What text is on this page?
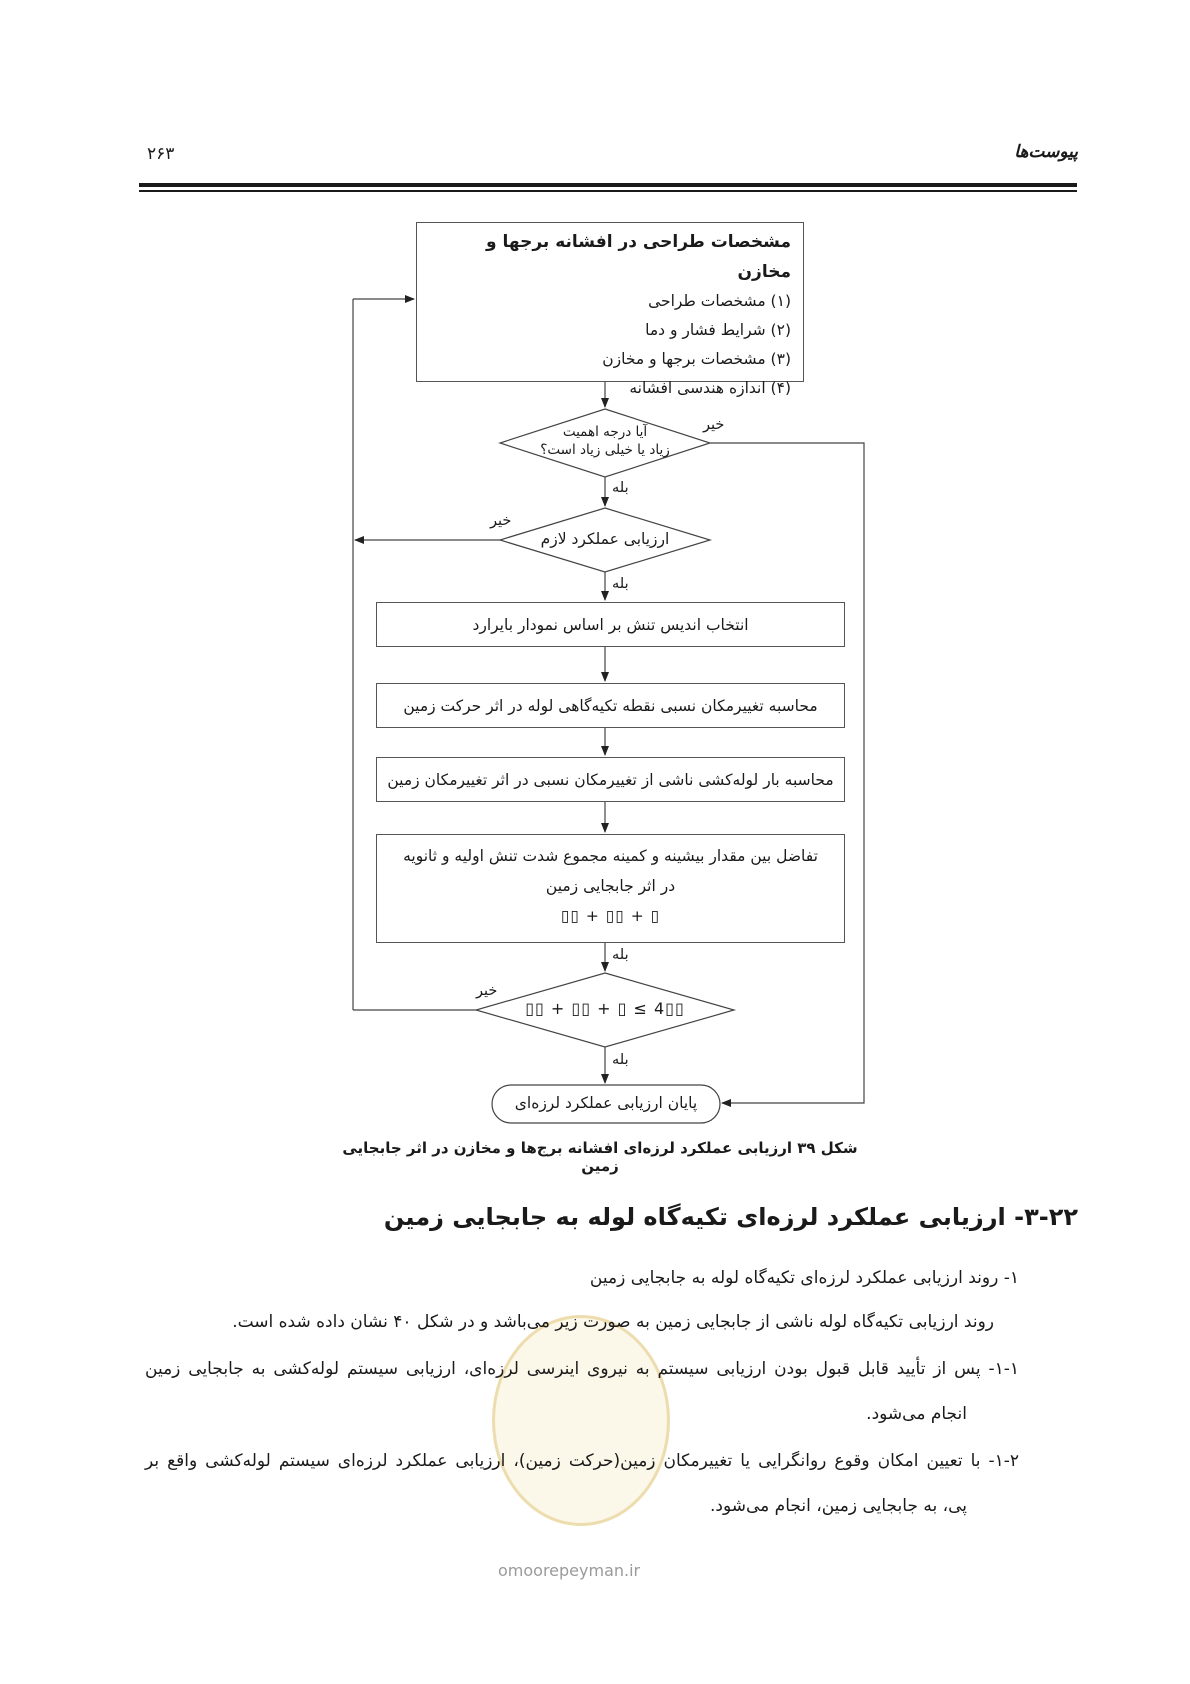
۲۶۳	پیوست‌ها
مشخصات طراحی در افشانه برجها و مخازن
(۱) مشخصات طراحی
(۲) شرایط فشار و دما
(۳) مشخصات برجها و مخازن
(۴) اندازه هندسی افشانه
آیا درجه اهمیت
زیاد یا خیلی زیاد است؟
خیر
بله
ارزیابی عملکرد لازم
خیر
بله
انتخاب اندیس تنش بر اساس نمودار بایرارد
محاسبه تغییرمکان نسبی نقطه تکیه‌گاهی لوله در اثر حرکت زمین
محاسبه بار لوله‌کشی ناشی از تغییرمکان نسبی در اثر تغییرمکان زمین
تفاضل بین مقدار بیشینه و کمینه مجموع شدت تنش اولیه و ثانویه
در اثر جابجایی زمین
▯▯ + ▯▯ + ▯
بله
▯▯ + ▯▯ + ▯ ≤ 4▯▯
خیر
بله
پایان ارزیابی عملکرد لرزه‌ای
شکل ۳۹ ارزیابی عملکرد لرزه‌ای افشانه برج‌ها و مخازن در اثر جابجایی زمین
omoorepeyman.ir
۳-۲۲- ارزیابی عملکرد لرزه‌ای تکیه‌گاه لوله به جابجایی زمین
۱- روند ارزیابی عملکرد لرزه‌ای تکیه‌گاه لوله به جابجایی زمین
روند ارزیابی تکیه‌گاه لوله ناشی از جابجایی زمین به صورت زیر می‌باشد و در شکل ۴۰ نشان داده شده است.
۱-۱- پس از تأیید قابل قبول بودن ارزیابی سیستم به نیروی اینرسی لرزه‌ای، ارزیابی سیستم لوله‌کشی به جابجایی زمین
انجام می‌شود.
۱-۲- با تعیین امکان وقوع روانگرایی یا تغییرمکان زمین(حرکت زمین)، ارزیابی عملکرد لرزه‌ای سیستم لوله‌کشی واقع بر
پی، به جابجایی زمین، انجام می‌شود.
